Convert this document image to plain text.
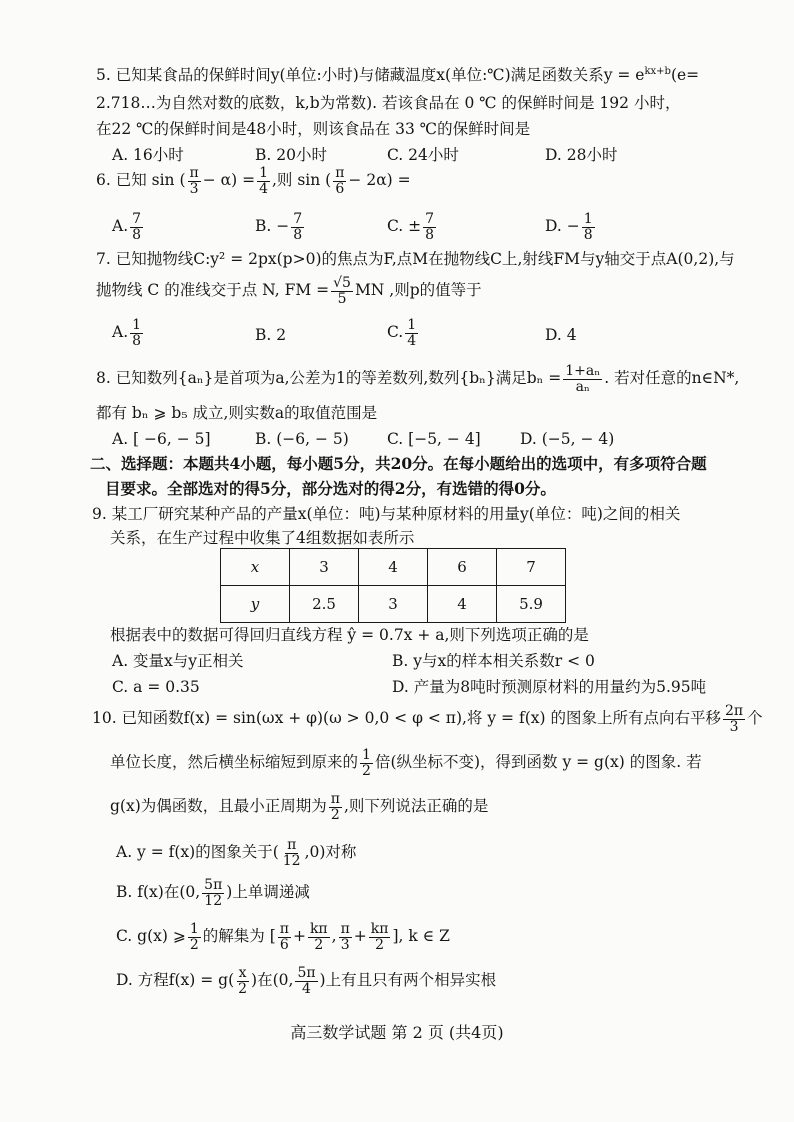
5. 已知某食品的保鲜时间y(单位:小时)与储藏温度x(单位:℃)满足函数关系$y = e^{kx+b}(e=$
2.718…为自然对数的底数，k,b为常数). 若该食品在 0 ℃ 的保鲜时间是 192 小时，
在22 ℃的保鲜时间是48小时，则该食品在 33 ℃的保鲜时间是
A. 16小时	B. 20小时	C. 24小时	D. 28小时
6. 已知 sin ( $\frac{\pi}{3} - \alpha) = \frac{1}{4}$ ,则 sin ( $\frac{\pi}{6} - 2\alpha$) =
A. $\frac{7}{8}$	B. − $\frac{7}{8}$	C. ± $\frac{7}{8}$	D. − $\frac{1}{8}$
7. 已知抛物线C:y² = 2px(p>0)的焦点为F,点M在抛物线C上,射线FM与y轴交于点A(0,2),与
抛物线 C 的准线交于点 N, FM = $\frac{√5}{5}$ MN ,则p的值等于
A. $\frac{1}{8}$	B. 2	C. $\frac{1}{4}$	D. 4
8. 已知数列{aₙ}是首项为a,公差为1的等差数列,数列{bₙ}满足$b_n = \frac{\text{1+aₙ}}{\text{aₙ}}$ . 若对任意的n∈N*,
都有 bₙ ⩾ b₅ 成立,则实数a的取值范围是
A. [ −6, − 5]	B. (−6, − 5) C. [−5, − 4]	D. (−5, − 4)
二、选择题：本题共4小题，每小题5分，共20分。在每小题给出的选项中，有多项符合题
目要求。全部选对的得5分，部分选对的得2分，有选错的得0分。
9. 某工厂研究某种产品的产量x(单位：吨)与某种原材料的用量y(单位：吨)之间的相关
关系，在生产过程中收集了4组数据如表所示
x	3	4	6	7
y	2.5	3	4	5.9
根据表中的数据可得回归直线方程 ŷ = 0.7x + a,则下列选项正确的是
A. 变量x与y正相关	B. y与x的样本相关系数r < 0
C. a = 0.35	D. 产量为8吨时预测原材料的用量约为5.95吨
10. 已知函数f(x) = sin(ωx + φ)(ω > 0,0 < φ < π),将 y = f(x) 的图象上所有点向右平移 $\frac{2\pi}{3}$ 个
单位长度，然后横坐标缩短到原来的 $\frac{1}{2}$ 倍(纵坐标不变)，得到函数 y = g(x) 的图象. 若
g(x)为偶函数，且最小正周期为 $\frac{\pi}{2}$ ,则下列说法正确的是
A. y = f(x)的图象关于( $\frac{\pi}{12} ,0$)对称
B. f(x)在(0, $\frac{5\pi}{12}$ )上单调递减
C. g(x) ⩾ $\frac{1}{2}$ 的解集为 [ $\frac{\pi}{6} + \frac{k\pi}{2}$ , $\frac{\pi}{3} + \frac{k\pi}{2}$ ], k ∈ Z
D. 方程$f(x) = g( \frac{x}{2}$ )在(0, $\frac{5\pi}{4}$ )上有且只有两个相异实根
高三数学试题 第 2 页 (共4页)
